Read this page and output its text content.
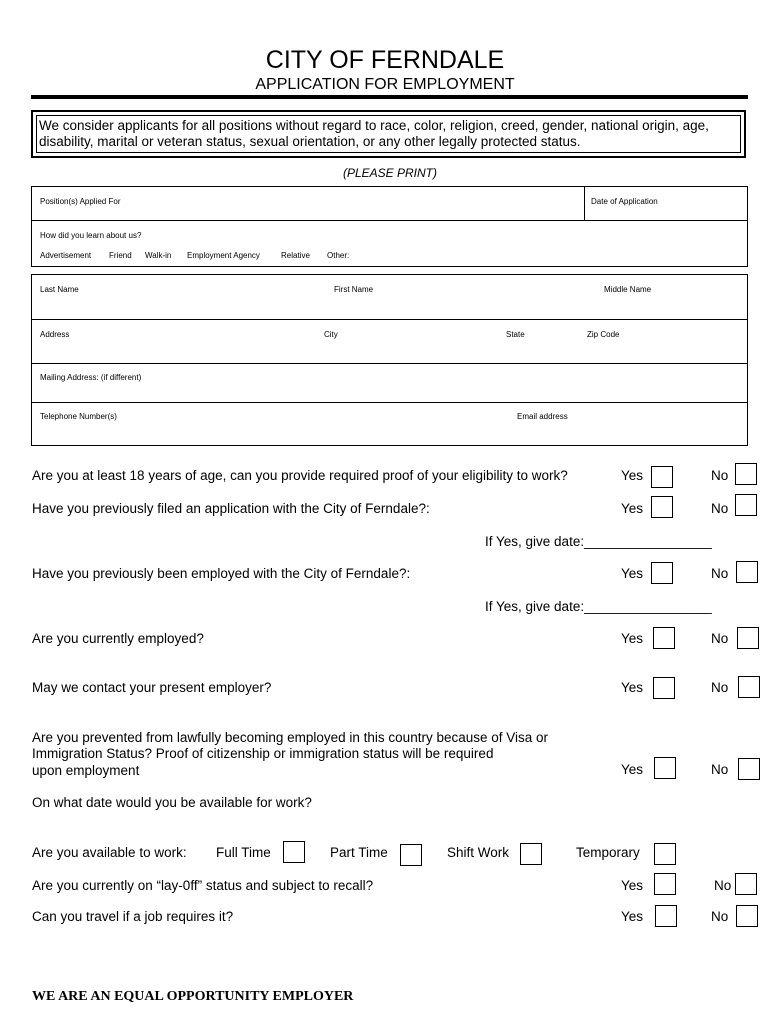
CITY OF FERNDALE
APPLICATION FOR EMPLOYMENT
We consider applicants for all positions without regard to race, color, religion, creed, gender, national origin, age, disability, marital or veteran status, sexual orientation, or any other legally protected status.
(PLEASE PRINT)
Position(s) Applied For	Date of Application
How did you learn about us?
Advertisement Friend Walk-in Employment Agency	Relative Other:
Last Name	First Name	Middle Name
Address	City	State	Zip Code
Mailing Address: (if different)
Telephone Number(s)	Email address
Are you at least 18 years of age, can you provide required proof of your eligibility to work?	Yes	No
Have you previously filed an application with the City of Ferndale?:	Yes	No
If Yes, give date:_________________
Have you previously been employed with the City of Ferndale?:	Yes	No
If Yes, give date:_________________
Are you currently employed?	Yes	No
May we contact your present employer?	Yes	No
Are you prevented from lawfully becoming employed in this country because of Visa or
Immigration Status? Proof of citizenship or immigration status will be required
upon employment	Yes	No
On what date would you be available for work?
Are you available to work: Full Time	Part Time	Shift Work	Temporary
Are you currently on “lay-0ff” status and subject to recall?	Yes	No
Can you travel if a job requires it?	Yes	No
WE ARE AN EQUAL OPPORTUNITY EMPLOYER
